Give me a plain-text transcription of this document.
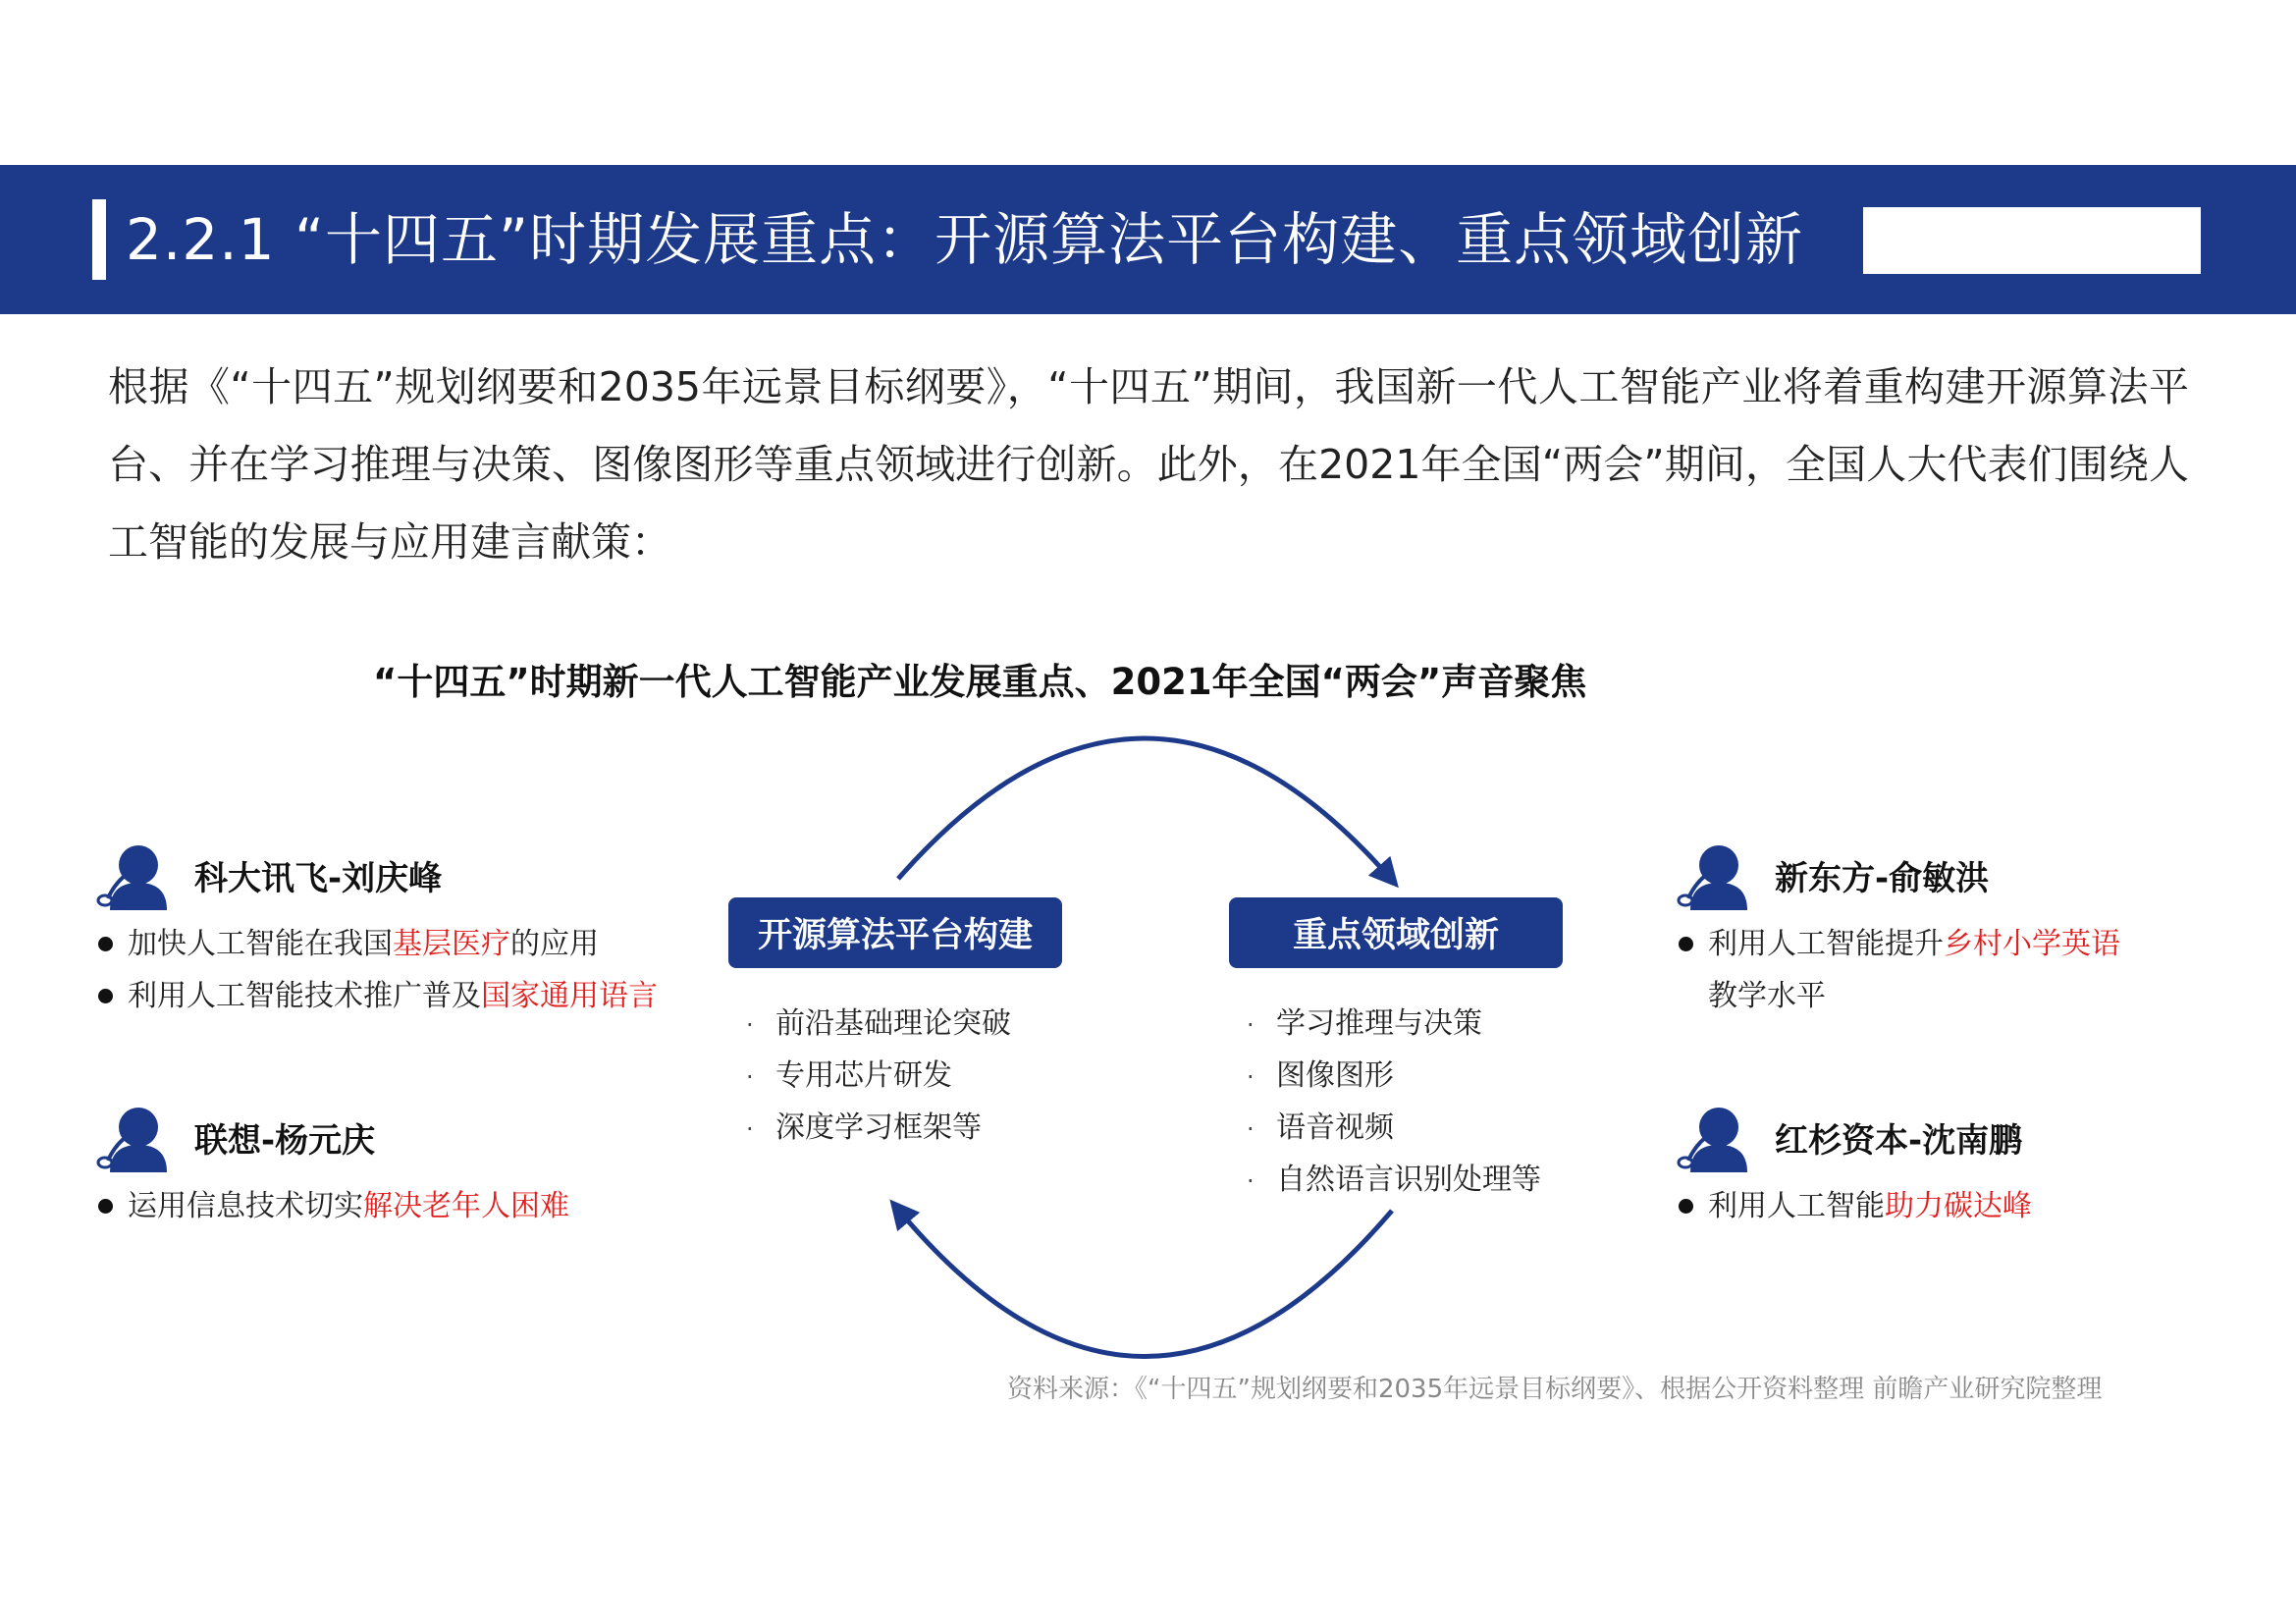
2.2.1 “十四五”时期发展重点：开源算法平台构建、重点领域创新
根据《“十四五”规划纲要和2035年远景目标纲要》，“十四五”期间，我国新一代人工智能产业将着重构建开源算法平台、并在学习推理与决策、图像图形等重点领域进行创新。此外，在2021年全国“两会”期间，全国人大代表们围绕人工智能的发展与应用建言献策：
“十四五”时期新一代人工智能产业发展重点、2021年全国“两会”声音聚焦
开源算法平台构建
· 前沿基础理论突破
· 专用芯片研发
· 深度学习框架等
重点领域创新
· 学习推理与决策
· 图像图形
· 语音视频
· 自然语言识别处理等
科大讯飞-刘庆峰
加快人工智能在我国基层医疗的应用
利用人工智能技术推广普及国家通用语言
联想-杨元庆
运用信息技术切实解决老年人困难
新东方-俞敏洪
利用人工智能提升乡村小学英语
教学水平
红杉资本-沈南鹏
利用人工智能助力碳达峰
资料来源：《“十四五”规划纲要和2035年远景目标纲要》、根据公开资料整理 前瞻产业研究院整理
